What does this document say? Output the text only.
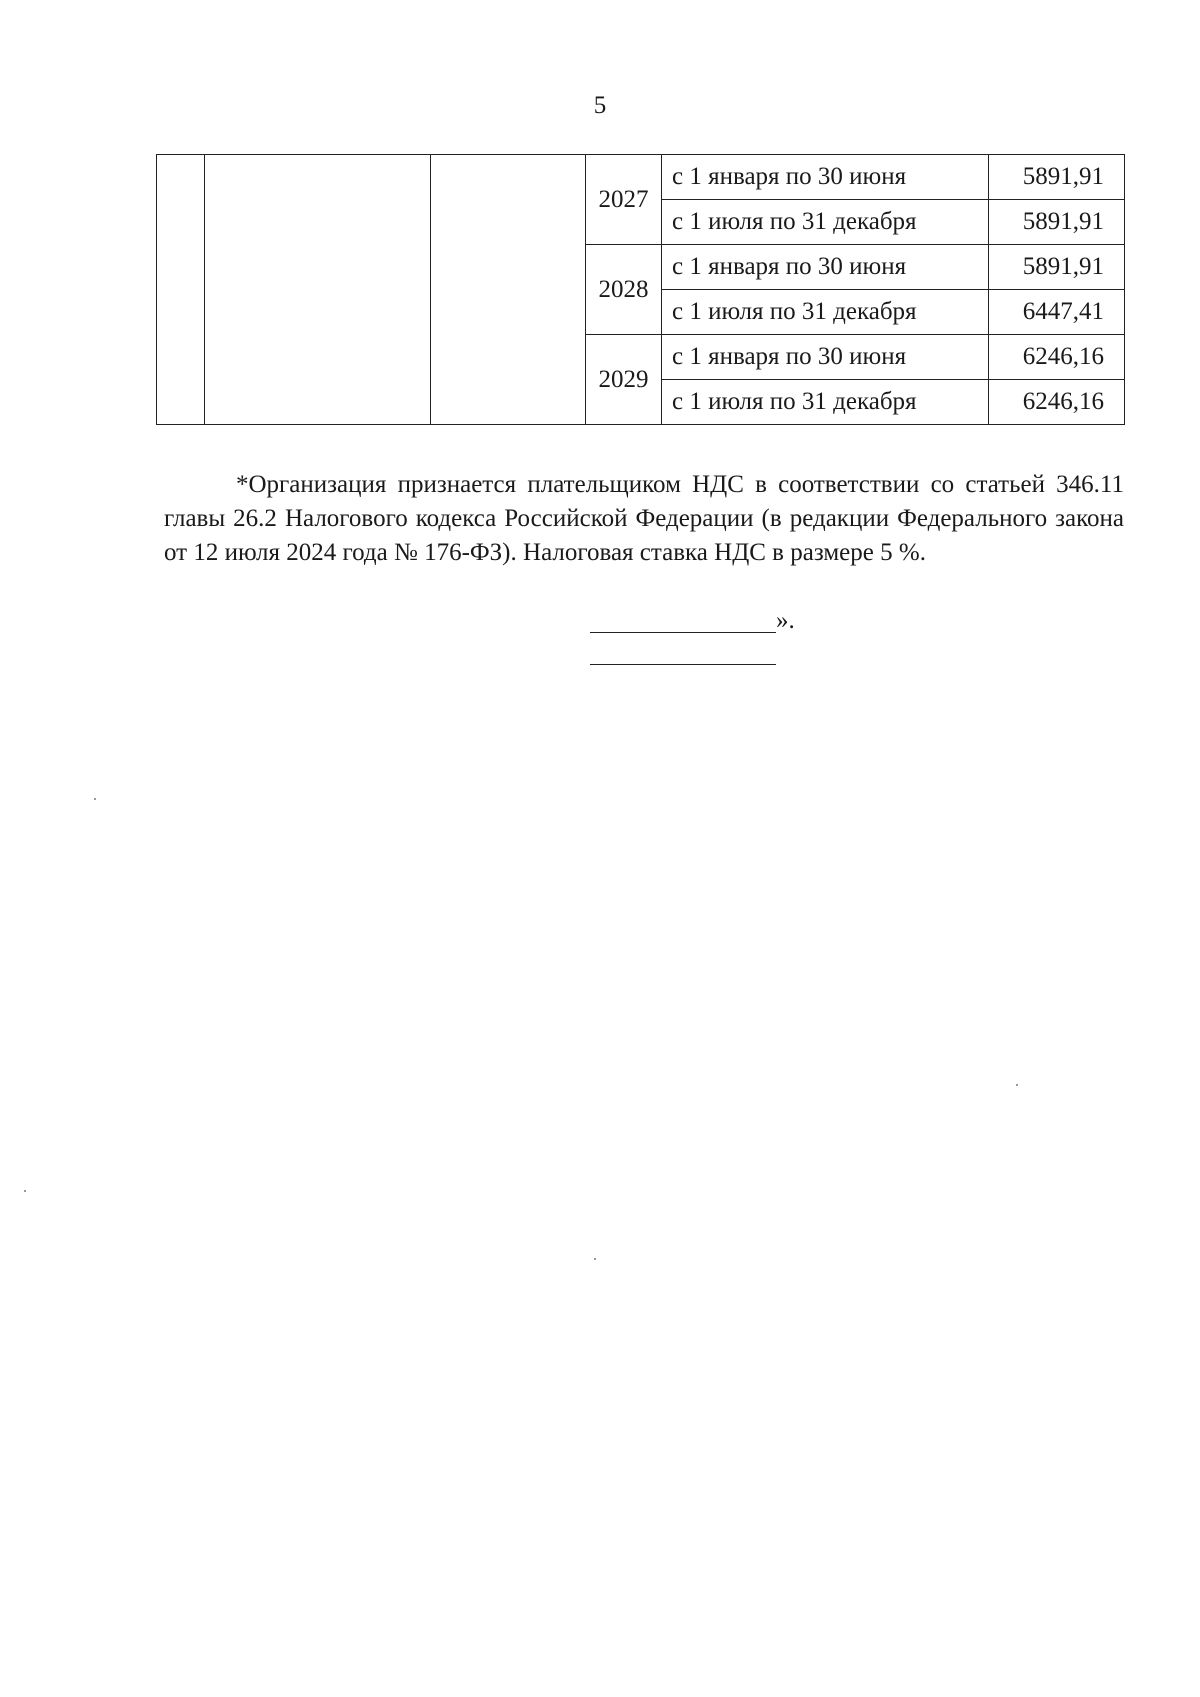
5
			2027	с 1 января по 30 июня	5891,91
				с 1 июля по 31 декабря	5891,91
			2028	с 1 января по 30 июня	5891,91
				с 1 июля по 31 декабря	6447,41
			2029	с 1 января по 30 июня	6246,16
				с 1 июля по 31 декабря	6246,16

*Организация признается плательщиком НДС в соответствии со статьей 346.11 главы 26.2 Налогового кодекса Российской Федерации (в редакции Федерального закона от 12 июля 2024 года № 176-ФЗ). Налоговая ставка НДС в размере 5 %.

».
